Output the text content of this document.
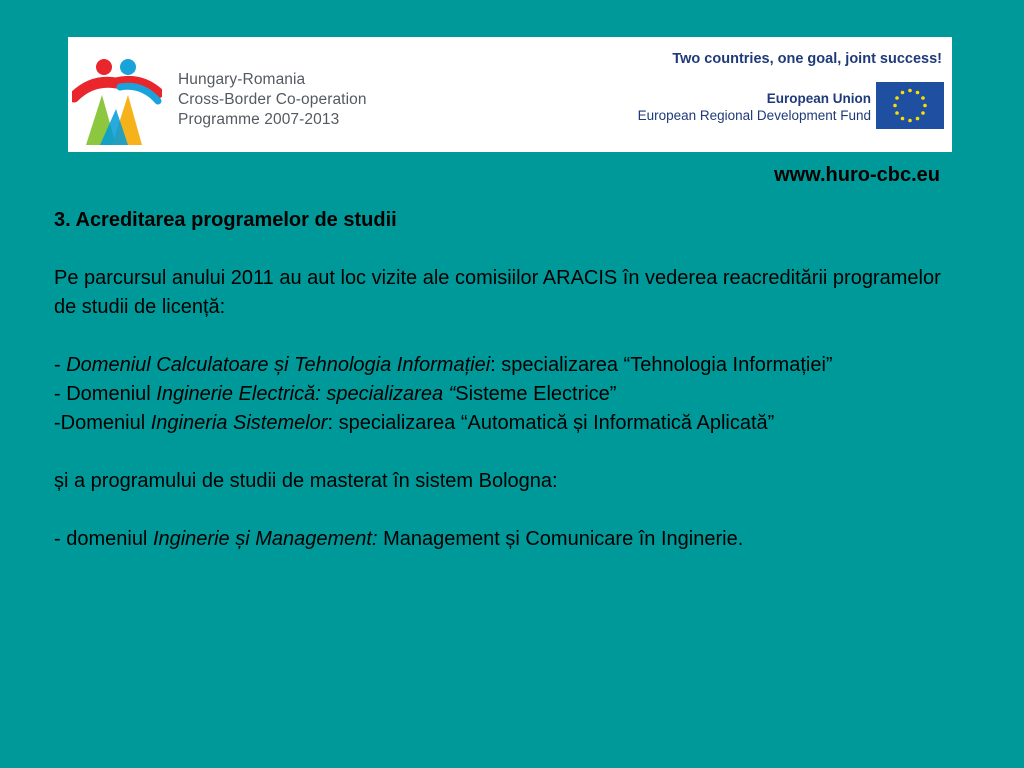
Hungary-Romania
Cross-Border Co-operation
Programme 2007-2013
Two countries, one goal, joint success!
European Union
European Regional Development Fund
www.huro-cbc.eu

3. Acreditarea programelor de studii

Pe parcursul anului 2011 au aut loc vizite ale comisiilor ARACIS în vederea reacreditării programelor de studii de licență:

- Domeniul Calculatoare și Tehnologia Informației: specializarea “Tehnologia Informației”

- Domeniul Inginerie Electrică: specializarea “Sisteme Electrice”

-Domeniul Ingineria Sistemelor: specializarea “Automatică și Informatică Aplicată”

și a programului de studii de masterat în sistem Bologna:

- domeniul Inginerie și Management: Management și Comunicare în Inginerie.
